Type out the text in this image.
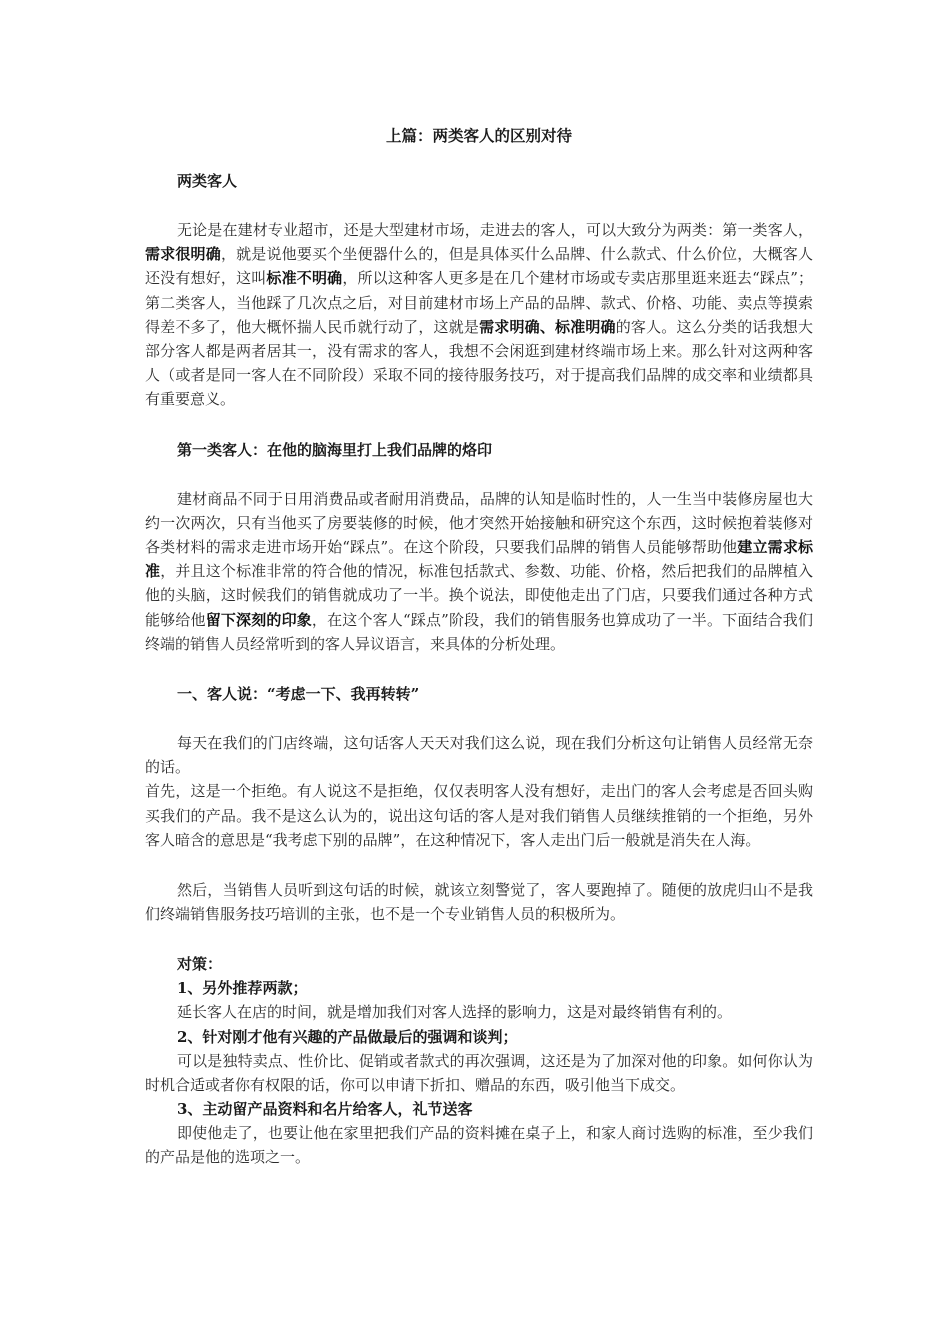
上篇：两类客人的区别对待

两类客人

无论是在建材专业超市，还是大型建材市场，走进去的客人，可以大致分为两类：第一类客人，需求很明确，就是说他要买个坐便器什么的，但是具体买什么品牌、什么款式、什么价位，大概客人还没有想好，这叫标准不明确，所以这种客人更多是在几个建材市场或专卖店那里逛来逛去“踩点”；第二类客人，当他踩了几次点之后，对目前建材市场上产品的品牌、款式、价格、功能、卖点等摸索得差不多了，他大概怀揣人民币就行动了，这就是需求明确、标准明确的客人。这么分类的话我想大部分客人都是两者居其一，没有需求的客人，我想不会闲逛到建材终端市场上来。那么针对这两种客人（或者是同一客人在不同阶段）采取不同的接待服务技巧，对于提高我们品牌的成交率和业绩都具有重要意义。

第一类客人：在他的脑海里打上我们品牌的烙印

建材商品不同于日用消费品或者耐用消费品，品牌的认知是临时性的，人一生当中装修房屋也大约一次两次，只有当他买了房要装修的时候，他才突然开始接触和研究这个东西，这时候抱着装修对各类材料的需求走进市场开始“踩点”。在这个阶段，只要我们品牌的销售人员能够帮助他建立需求标准，并且这个标准非常的符合他的情况，标准包括款式、参数、功能、价格，然后把我们的品牌植入他的头脑，这时候我们的销售就成功了一半。换个说法，即使他走出了门店，只要我们通过各种方式能够给他留下深刻的印象，在这个客人“踩点”阶段，我们的销售服务也算成功了一半。下面结合我们终端的销售人员经常听到的客人异议语言，来具体的分析处理。

一、客人说：“考虑一下、我再转转”

每天在我们的门店终端，这句话客人天天对我们这么说，现在我们分析这句让销售人员经常无奈的话。

首先，这是一个拒绝。有人说这不是拒绝，仅仅表明客人没有想好，走出门的客人会考虑是否回头购买我们的产品。我不是这么认为的，说出这句话的客人是对我们销售人员继续推销的一个拒绝，另外客人暗含的意思是“我考虑下别的品牌”，在这种情况下，客人走出门后一般就是消失在人海。

然后，当销售人员听到这句话的时候，就该立刻警觉了，客人要跑掉了。随便的放虎归山不是我们终端销售服务技巧培训的主张，也不是一个专业销售人员的积极所为。

对策：

1、另外推荐两款；

延长客人在店的时间，就是增加我们对客人选择的影响力，这是对最终销售有利的。

2、针对刚才他有兴趣的产品做最后的强调和谈判；

可以是独特卖点、性价比、促销或者款式的再次强调，这还是为了加深对他的印象。如何你认为时机合适或者你有权限的话，你可以申请下折扣、赠品的东西，吸引他当下成交。

3、主动留产品资料和名片给客人，礼节送客

即使他走了，也要让他在家里把我们产品的资料摊在桌子上，和家人商讨选购的标准，至少我们的产品是他的选项之一。
